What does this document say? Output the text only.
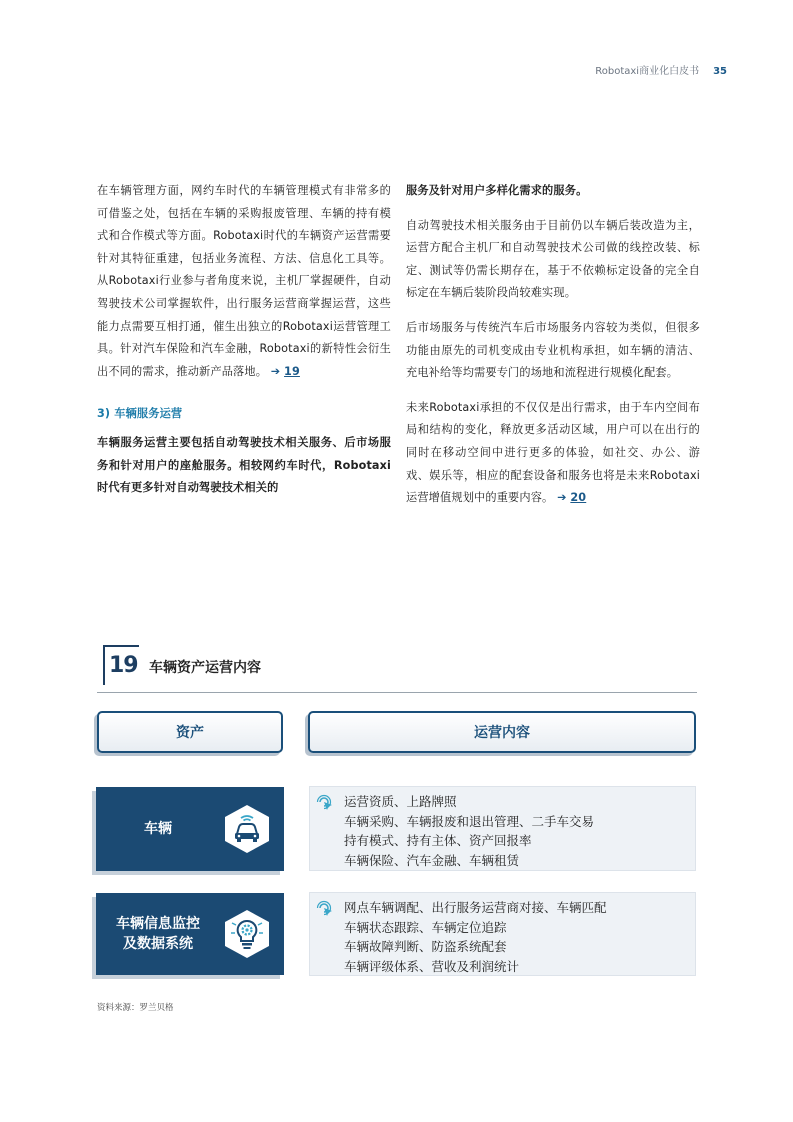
Robotaxi商业化白皮书 35

在车辆管理方面，网约车时代的车辆管理模式有非常多的可借鉴之处，包括在车辆的采购报废管理、车辆的持有模式和合作模式等方面。Robotaxi时代的车辆资产运营需要针对其特征重建，包括业务流程、方法、信息化工具等。从Robotaxi行业参与者角度来说，主机厂掌握硬件，自动驾驶技术公司掌握软件，出行服务运营商掌握运营，这些能力点需要互相打通，催生出独立的Robotaxi运营管理工具。针对汽车保险和汽车金融，Robotaxi的新特性会衍生出不同的需求，推动新产品落地。 ➔ 19

3) 车辆服务运营

车辆服务运营主要包括自动驾驶技术相关服务、后市场服务和针对用户的座舱服务。相较网约车时代，Robotaxi时代有更多针对自动驾驶技术相关的

服务及针对用户多样化需求的服务。

自动驾驶技术相关服务由于目前仍以车辆后装改造为主，运营方配合主机厂和自动驾驶技术公司做的线控改装、标定、测试等仍需长期存在，基于不依赖标定设备的完全自标定在车辆后装阶段尚较难实现。

后市场服务与传统汽车后市场服务内容较为类似，但很多功能由原先的司机变成由专业机构承担，如车辆的清洁、充电补给等均需要专门的场地和流程进行规模化配套。

未来Robotaxi承担的不仅仅是出行需求，由于车内空间布局和结构的变化，释放更多活动区域，用户可以在出行的同时在移动空间中进行更多的体验，如社交、办公、游戏、娱乐等，相应的配套设备和服务也将是未来Robotaxi运营增值规划中的重要内容。 ➔ 20

19 车辆资产运营内容
资产	运营内容
车辆
运营资质、上路牌照
车辆采购、车辆报废和退出管理、二手车交易
持有模式、持有主体、资产回报率
车辆保险、汽车金融、车辆租赁
车辆信息监控
及数据系统
网点车辆调配、出行服务运营商对接、车辆匹配
车辆状态跟踪、车辆定位追踪
车辆故障判断、防盗系统配套
车辆评级体系、营收及利润统计
资料来源：罗兰贝格
